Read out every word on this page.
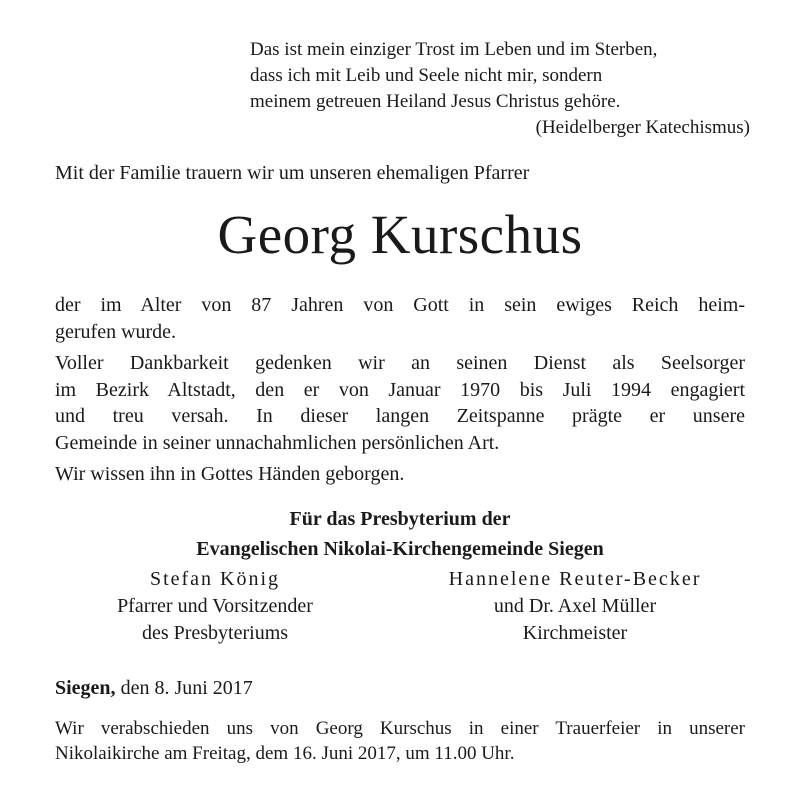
Das ist mein einziger Trost im Leben und im Sterben,
dass ich mit Leib und Seele nicht mir, sondern
meinem getreuen Heiland Jesus Christus gehöre.
(Heidelberger Katechismus)
Mit der Familie trauern wir um unseren ehemaligen Pfarrer
Georg Kurschus
der im Alter von 87 Jahren von Gott in sein ewiges Reich heim-
gerufen wurde.
Voller Dankbarkeit gedenken wir an seinen Dienst als Seelsorger
im Bezirk Altstadt, den er von Januar 1970 bis Juli 1994 engagiert
und treu versah. In dieser langen Zeitspanne prägte er unsere
Gemeinde in seiner unnachahmlichen persönlichen Art.
Wir wissen ihn in Gottes Händen geborgen.
Für das Presbyterium der
Evangelischen Nikolai-Kirchengemeinde Siegen
Stefan König
Pfarrer und Vorsitzender
des Presbyteriums
Hannelene Reuter-Becker
und Dr. Axel Müller
Kirchmeister
Siegen, den 8. Juni 2017
Wir verabschieden uns von Georg Kurschus in einer Trauerfeier in unserer
Nikolaikirche am Freitag, dem 16. Juni 2017, um 11.00 Uhr.
